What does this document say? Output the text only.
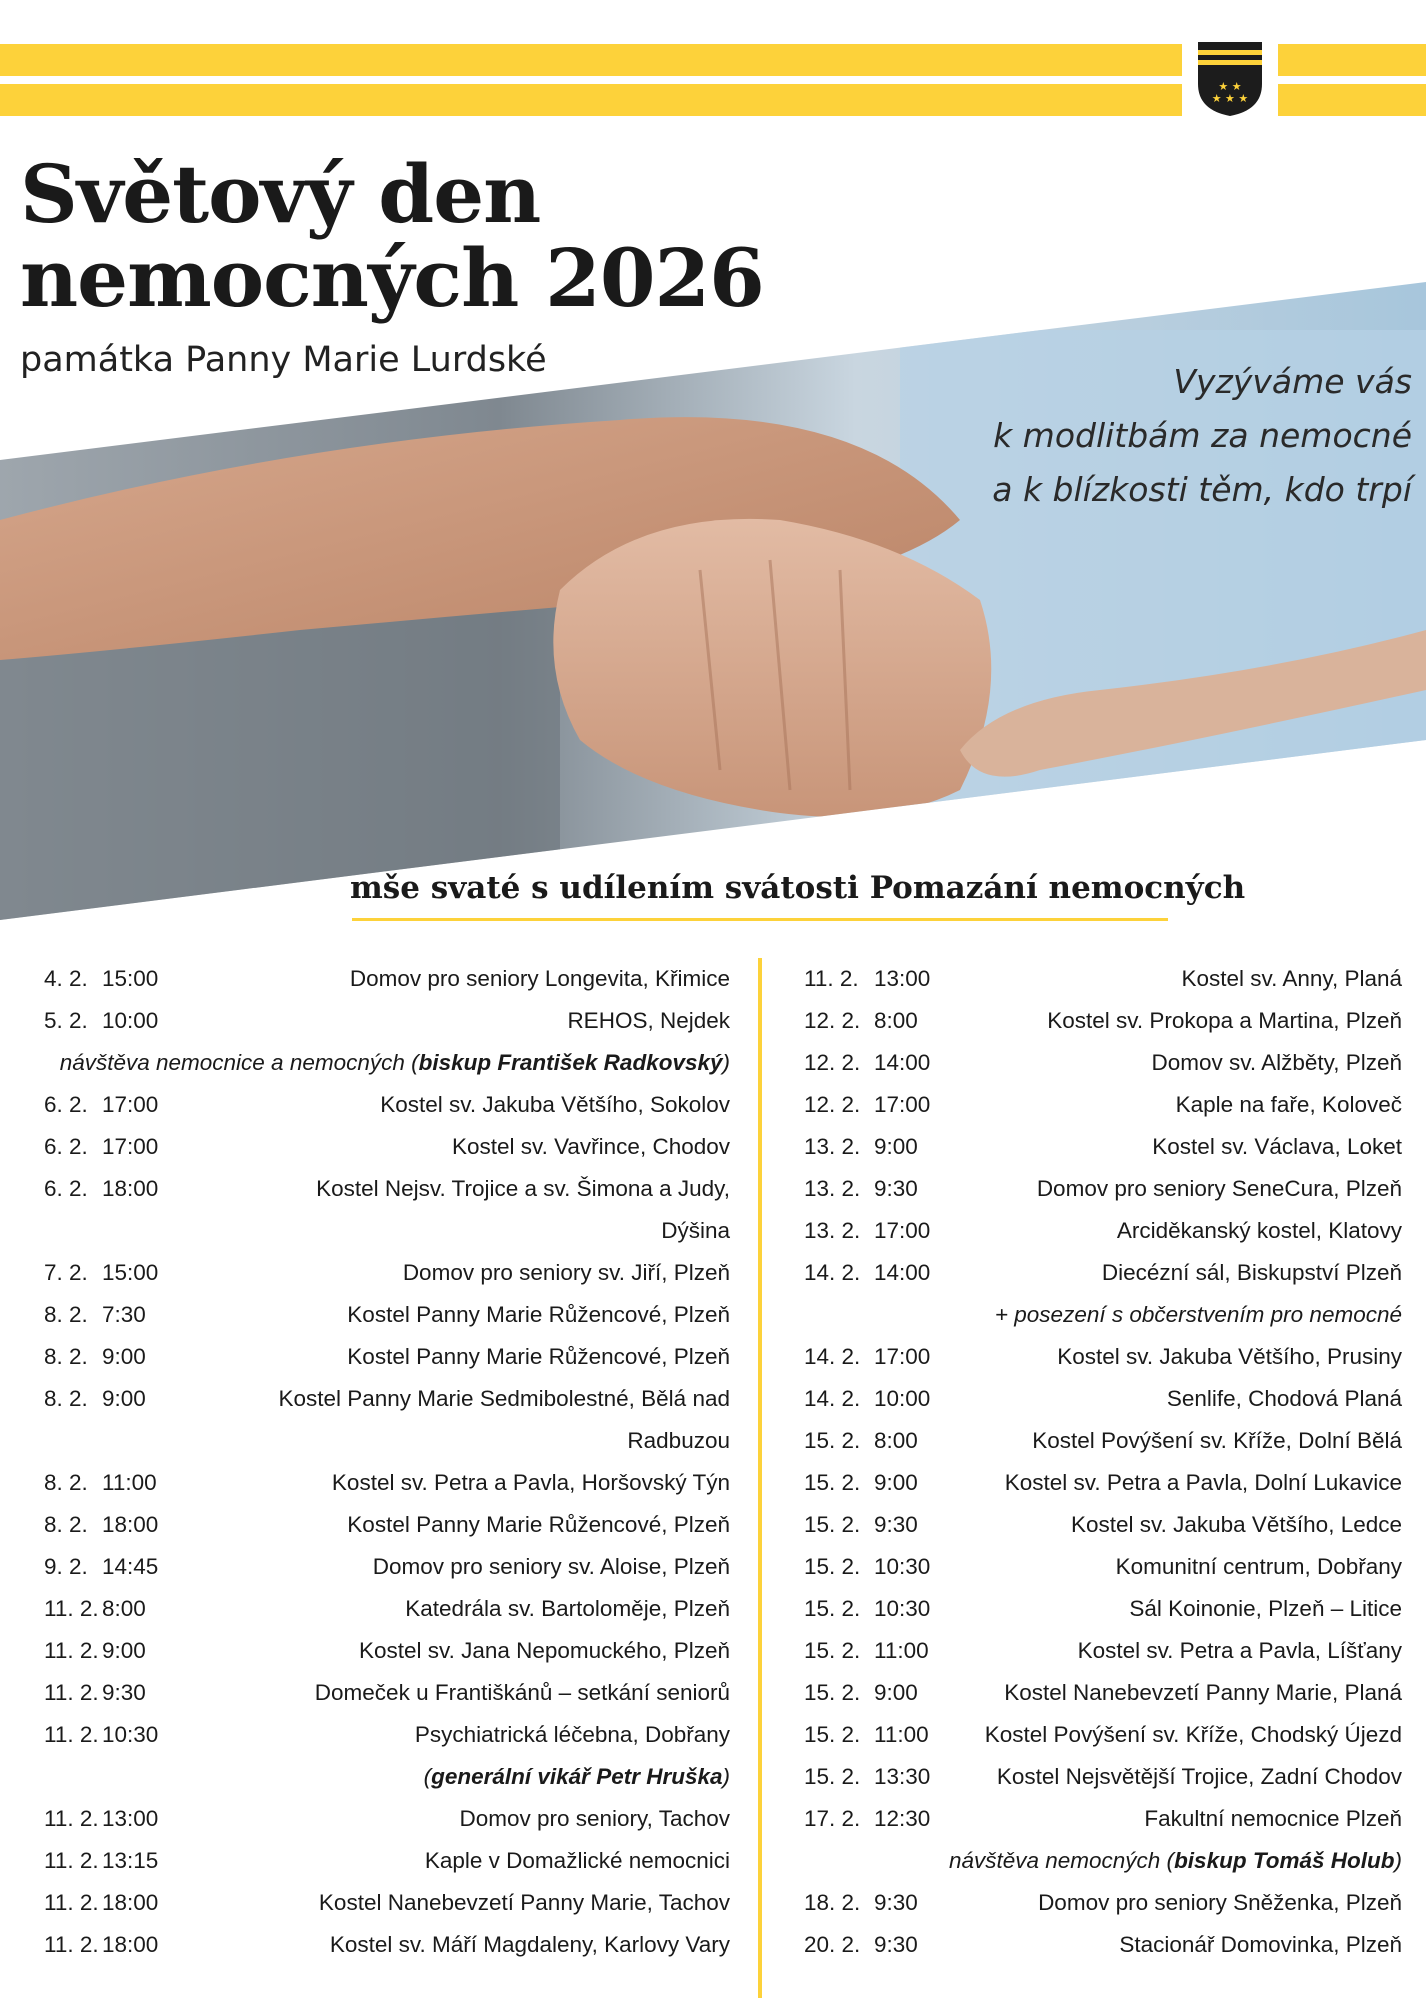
★ ★
★ ★ ★
Světový den
nemocných 2026
památka Panny Marie Lurdské
Vyzýváme vás
k modlitbám za nemocné
a k blízkosti těm, kdo trpí
mše svaté s udílením svátosti Pomazání nemocných
4. 2. 15:00	Domov pro seniory Longevita, Křimice
5. 2. 10:00	REHOS, Nejdek
návštěva nemocnice a nemocných (biskup František Radkovský)
6. 2. 17:00	Kostel sv. Jakuba Většího, Sokolov
6. 2. 17:00	Kostel sv. Vavřince, Chodov
6. 2. 18:00	Kostel Nejsv. Trojice a sv. Šimona a Judy,
Dýšina
7. 2. 15:00	Domov pro seniory sv. Jiří, Plzeň
8. 2. 7:30	Kostel Panny Marie Růžencové, Plzeň
8. 2. 9:00	Kostel Panny Marie Růžencové, Plzeň
8. 2. 9:00	Kostel Panny Marie Sedmibolestné, Bělá nad
Radbuzou
8. 2. 11:00	Kostel sv. Petra a Pavla, Horšovský Týn
8. 2. 18:00	Kostel Panny Marie Růžencové, Plzeň
9. 2. 14:45	Domov pro seniory sv. Aloise, Plzeň
11. 2. 8:00	Katedrála sv. Bartoloměje, Plzeň
11. 2. 9:00	Kostel sv. Jana Nepomuckého, Plzeň
11. 2. 9:30	Domeček u Františkánů – setkání seniorů
11. 2. 10:30	Psychiatrická léčebna, Dobřany
(generální vikář Petr Hruška)
11. 2. 13:00	Domov pro seniory, Tachov
11. 2. 13:15	Kaple v Domažlické nemocnici
11. 2. 18:00	Kostel Nanebevzetí Panny Marie, Tachov
11. 2. 18:00	Kostel sv. Máří Magdaleny, Karlovy Vary
11. 2. 13:00	Kostel sv. Anny, Planá
12. 2. 8:00	Kostel sv. Prokopa a Martina, Plzeň
12. 2. 14:00	Domov sv. Alžběty, Plzeň
12. 2. 17:00	Kaple na faře, Koloveč
13. 2. 9:00	Kostel sv. Václava, Loket
13. 2. 9:30	Domov pro seniory SeneCura, Plzeň
13. 2. 17:00	Arciděkanský kostel, Klatovy
14. 2. 14:00	Diecézní sál, Biskupství Plzeň
+ posezení s občerstvením pro nemocné
14. 2. 17:00	Kostel sv. Jakuba Většího, Prusiny
14. 2. 10:00	Senlife, Chodová Planá
15. 2. 8:00	Kostel Povýšení sv. Kříže, Dolní Bělá
15. 2. 9:00	Kostel sv. Petra a Pavla, Dolní Lukavice
15. 2. 9:30	Kostel sv. Jakuba Většího, Ledce
15. 2. 10:30	Komunitní centrum, Dobřany
15. 2. 10:30	Sál Koinonie, Plzeň – Litice
15. 2. 11:00	Kostel sv. Petra a Pavla, Líšťany
15. 2. 9:00	Kostel Nanebevzetí Panny Marie, Planá
15. 2. 11:00 Kostel Povýšení sv. Kříže, Chodský Újezd
15. 2. 13:30	Kostel Nejsvětější Trojice, Zadní Chodov
17. 2. 12:30	Fakultní nemocnice Plzeň
návštěva nemocných (biskup Tomáš Holub)
18. 2. 9:30	Domov pro seniory Sněženka, Plzeň
20. 2. 9:30	Stacionář Domovinka, Plzeň
